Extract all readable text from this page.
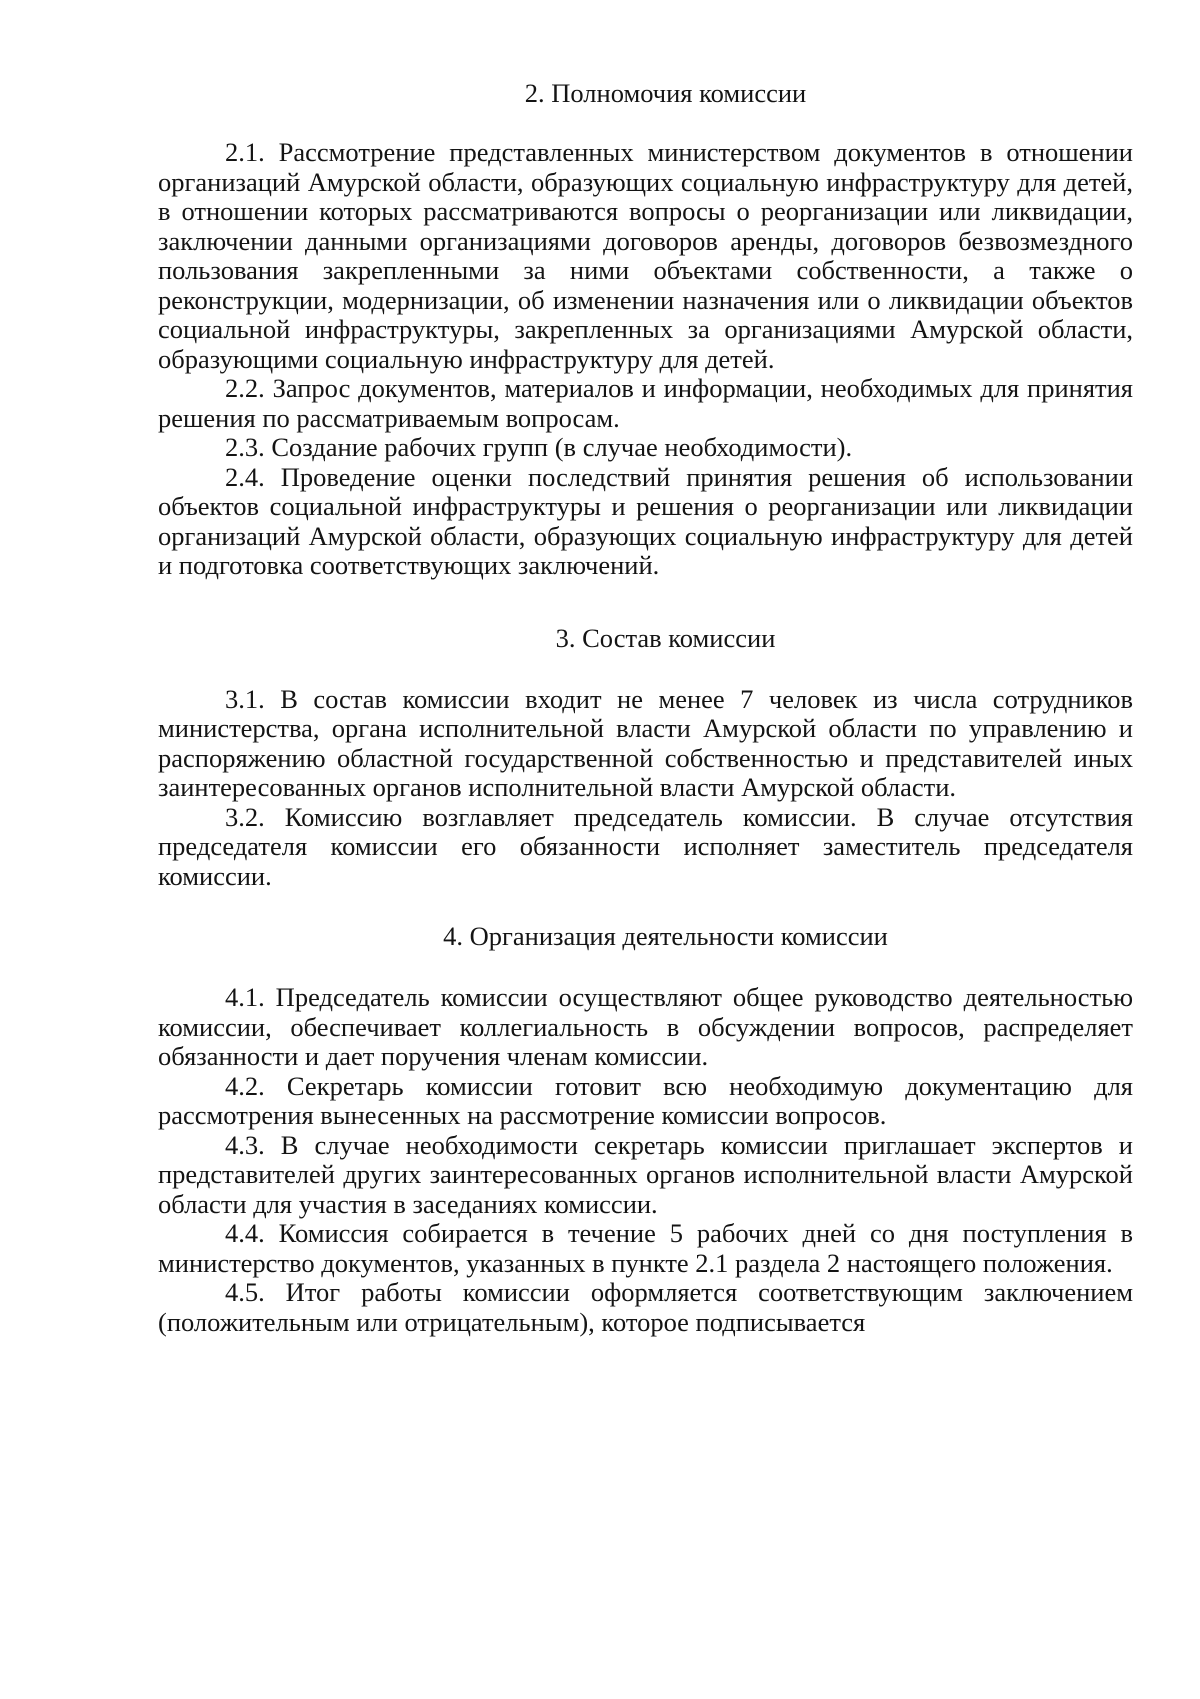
2. Полномочия комиссии

2.1. Рассмотрение представленных министерством документов в отношении организаций Амурской области, образующих социальную инфраструктуру для детей, в отношении которых рассматриваются вопросы о реорганизации или ликвидации, заключении данными организациями договоров аренды, договоров безвозмездного пользования закрепленными за ними объектами собственности, а также о реконструкции, модернизации, об изменении назначения или о ликвидации объектов социальной инфраструктуры, закрепленных за организациями Амурской области, образующими социальную инфраструктуру для детей.

2.2. Запрос документов, материалов и информации, необходимых для принятия решения по рассматриваемым вопросам.

2.3. Создание рабочих групп (в случае необходимости).

2.4. Проведение оценки последствий принятия решения об использовании объектов социальной инфраструктуры и решения о реорганизации или ликвидации организаций Амурской области, образующих социальную инфраструктуру для детей и подготовка соответствующих заключений.

3. Состав комиссии

3.1. В состав комиссии входит не менее 7 человек из числа сотрудников министерства, органа исполнительной власти Амурской области по управлению и распоряжению областной государственной собственностью и представителей иных заинтересованных органов исполнительной власти Амурской области.

3.2. Комиссию возглавляет председатель комиссии. В случае отсутствия председателя комиссии его обязанности исполняет заместитель председателя комиссии.

4. Организация деятельности комиссии

4.1. Председатель комиссии осуществляют общее руководство деятельностью комиссии, обеспечивает коллегиальность в обсуждении вопросов, распределяет обязанности и дает поручения членам комиссии.

4.2. Секретарь комиссии готовит всю необходимую документацию для рассмотрения вынесенных на рассмотрение комиссии вопросов.

4.3. В случае необходимости секретарь комиссии приглашает экспертов и представителей других заинтересованных органов исполнительной власти Амурской области для участия в заседаниях комиссии.

4.4. Комиссия собирается в течение 5 рабочих дней со дня поступления в министерство документов, указанных в пункте 2.1 раздела 2 настоящего положения.

4.5. Итог работы комиссии оформляется соответствующим заключением (положительным или отрицательным), которое подписывается
